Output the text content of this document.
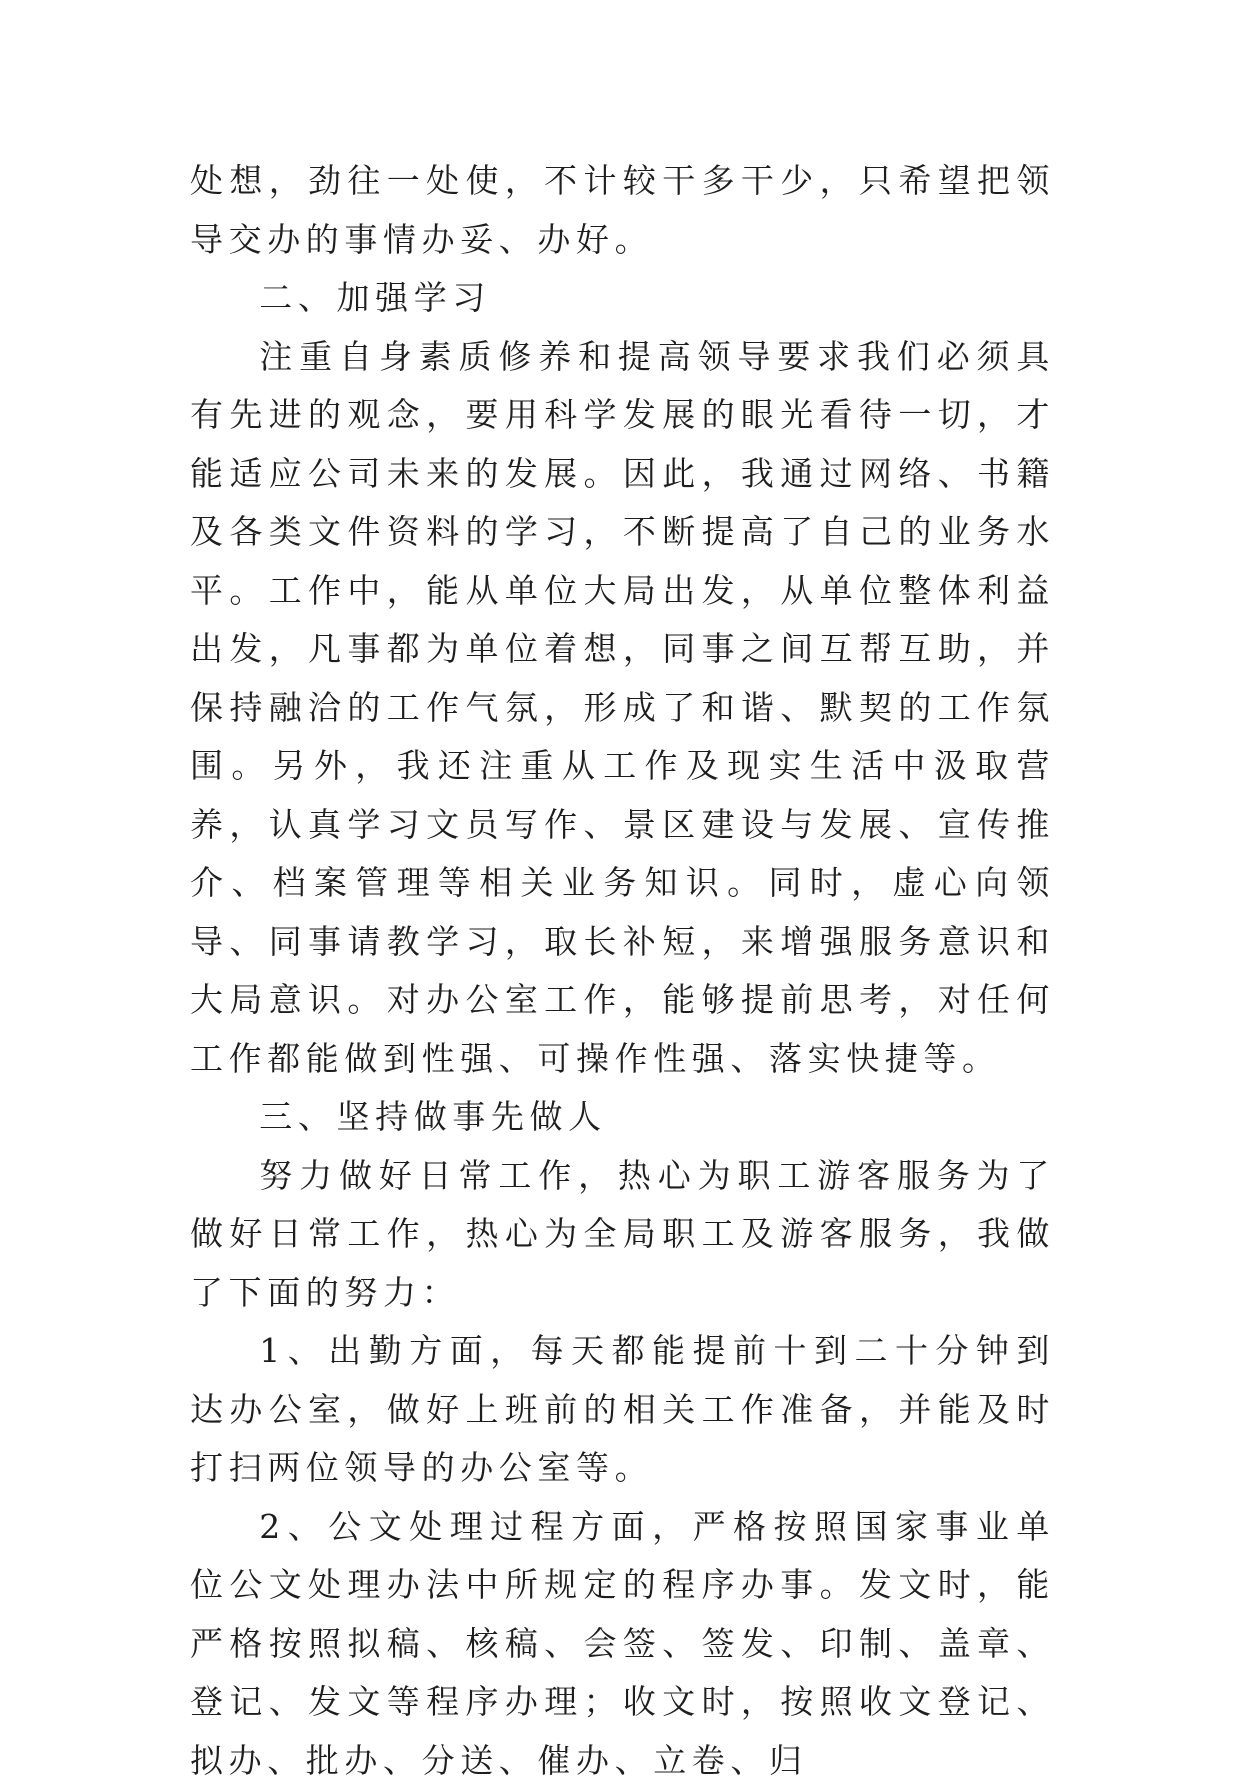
处想，劲往一处使，不计较干多干少，只希望把领导交办的事情办妥、办好。

二、加强学习

注重自身素质修养和提高领导要求我们必须具有先进的观念，要用科学发展的眼光看待一切，才能适应公司未来的发展。因此，我通过网络、书籍及各类文件资料的学习，不断提高了自己的业务水平。工作中，能从单位大局出发，从单位整体利益出发，凡事都为单位着想，同事之间互帮互助，并保持融洽的工作气氛，形成了和谐、默契的工作氛围。另外，我还注重从工作及现实生活中汲取营养，认真学习文员写作、景区建设与发展、宣传推介、档案管理等相关业务知识。同时，虚心向领导、同事请教学习，取长补短，来增强服务意识和大局意识。对办公室工作，能够提前思考，对任何工作都能做到性强、可操作性强、落实快捷等。

三、坚持做事先做人

努力做好日常工作，热心为职工游客服务为了做好日常工作，热心为全局职工及游客服务，我做了下面的努力：

1、出勤方面，每天都能提前十到二十分钟到达办公室，做好上班前的相关工作准备，并能及时打扫两位领导的办公室等。

2、公文处理过程方面，严格按照国家事业单位公文处理办法中所规定的程序办事。发文时，能严格按照拟稿、核稿、会签、签发、印制、盖章、登记、发文等程序办理；收文时，按照收文登记、拟办、批办、分送、催办、立卷、归
